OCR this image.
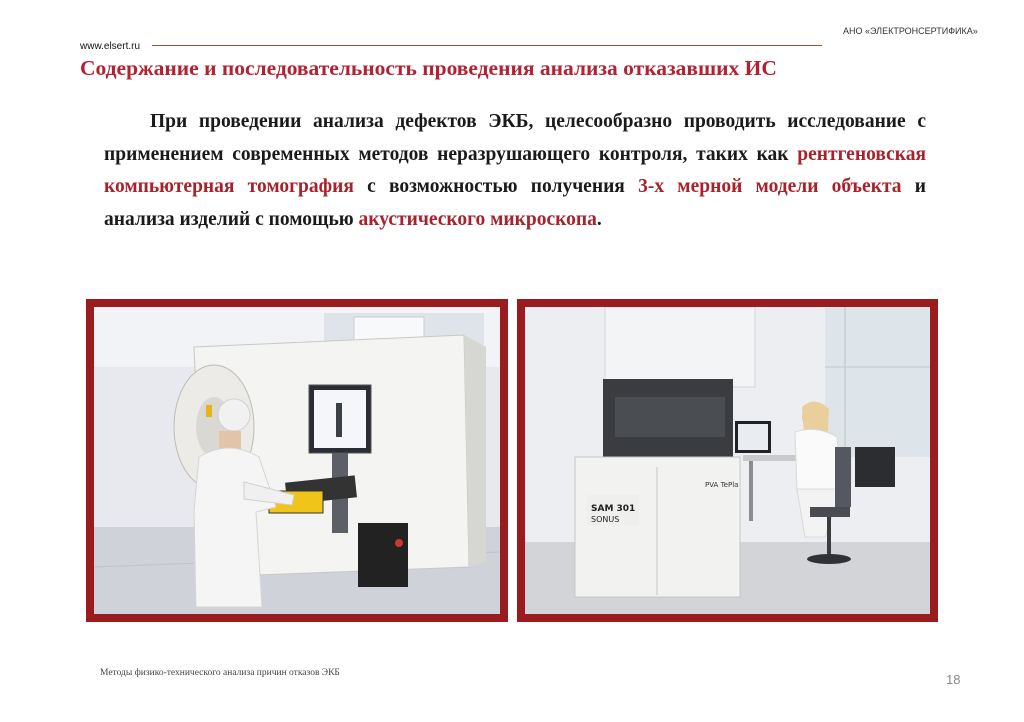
АНО «ЭЛЕКТРОНСЕРТИФИКА»
www.elsert.ru
Содержание и последовательность проведения анализа отказавших ИС
При проведении анализа дефектов ЭКБ, целесообразно проводить исследование с применением современных методов неразрушающего контроля, таких как рентгеновская компьютерная томография с возможностью получения 3-х мерной модели объекта и анализа изделий с помощью акустического микроскопа.
SAM 301
SONUS
PVA TePla
Методы физико-технического анализа причин отказов ЭКБ	18
